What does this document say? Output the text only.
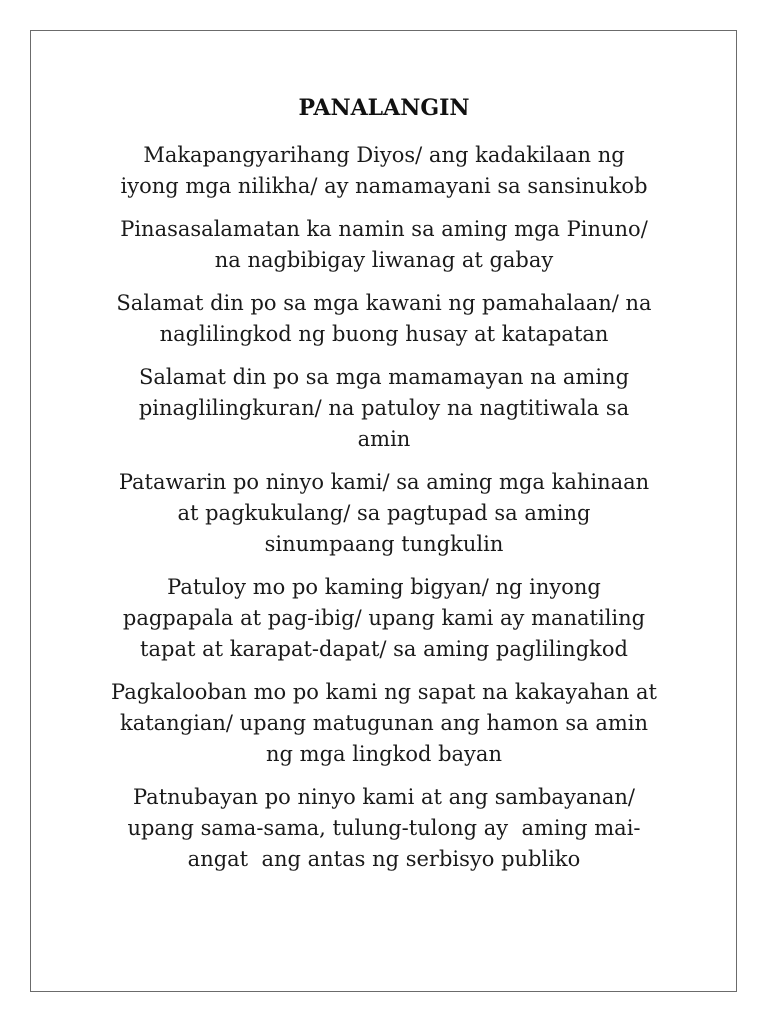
PANALANGIN

Makapangyarihang Diyos/ ang kadakilaan ng
iyong mga nilikha/ ay namamayani sa sansinukob

Pinasasalamatan ka namin sa aming mga Pinuno/
na nagbibigay liwanag at gabay

Salamat din po sa mga kawani ng pamahalaan/ na
naglilingkod ng buong husay at katapatan

Salamat din po sa mga mamamayan na aming
pinaglilingkuran/ na patuloy na nagtitiwala sa
amin

Patawarin po ninyo kami/ sa aming mga kahinaan
at pagkukulang/ sa pagtupad sa aming
sinumpaang tungkulin

Patuloy mo po kaming bigyan/ ng inyong
pagpapala at pag-ibig/ upang kami ay manatiling
tapat at karapat-dapat/ sa aming paglilingkod

Pagkalooban mo po kami ng sapat na kakayahan at
katangian/ upang matugunan ang hamon sa amin
ng mga lingkod bayan

Patnubayan po ninyo kami at ang sambayanan/
upang sama-sama, tulung-tulong ay  aming mai-
angat  ang antas ng serbisyo publiko
